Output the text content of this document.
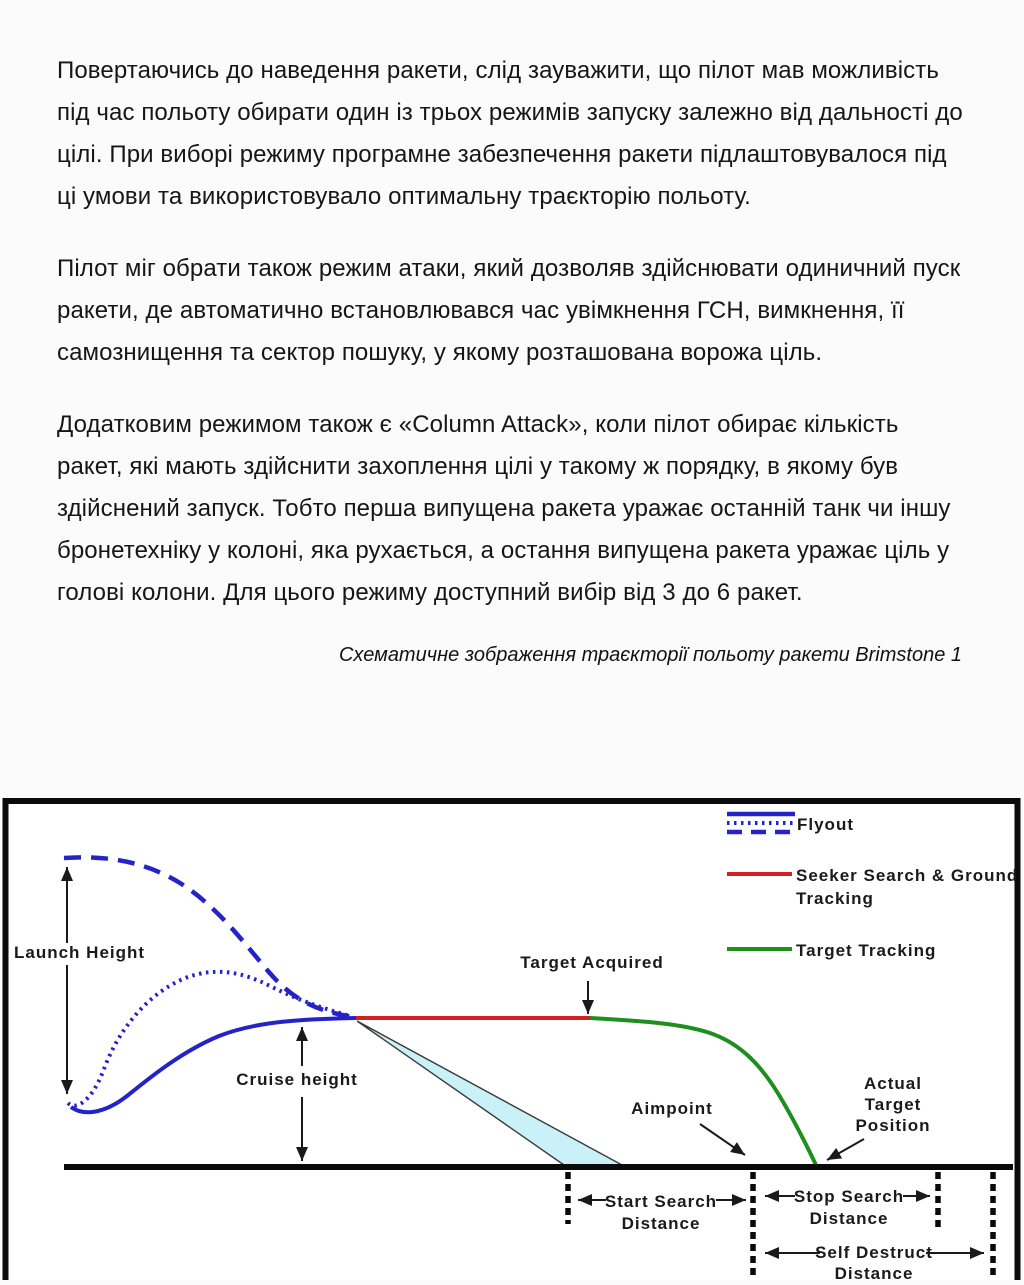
Повертаючись до наведення ракети, слід зауважити, що пілот мав можливість під час польоту обирати один із трьох режимів запуску залежно від дальності до цілі. При виборі режиму програмне забезпечення ракети підлаштовувалося під ці умови та використовувало оптимальну траєкторію польоту.

Пілот міг обрати також режим атаки, який дозволяв здійснювати одиничний пуск ракети, де автоматично встановлювався час увімкнення ГСН, вимкнення, її самознищення та сектор пошуку, у якому розташована ворожа ціль.

Додатковим режимом також є «Column Attack», коли пілот обирає кількість ракет, які мають здійснити захоплення цілі у такому ж порядку, в якому був здійснений запуск. Тобто перша випущена ракета уражає останній танк чи іншу бронетехніку у колоні, яка рухається, а остання випущена ракета уражає ціль у голові колони. Для цього режиму доступний вибір від 3 до 6 ракет.

Схематичне зображення траєкторії польоту ракети Brimstone 1
Launch Height
Cruise height
Target Acquired
Aimpoint
Actual
Target
Position
Start Search
Distance
Stop Search
Distance
Self Destruct
Distance
Flyout
Seeker Search & Ground
Tracking
Target Tracking
